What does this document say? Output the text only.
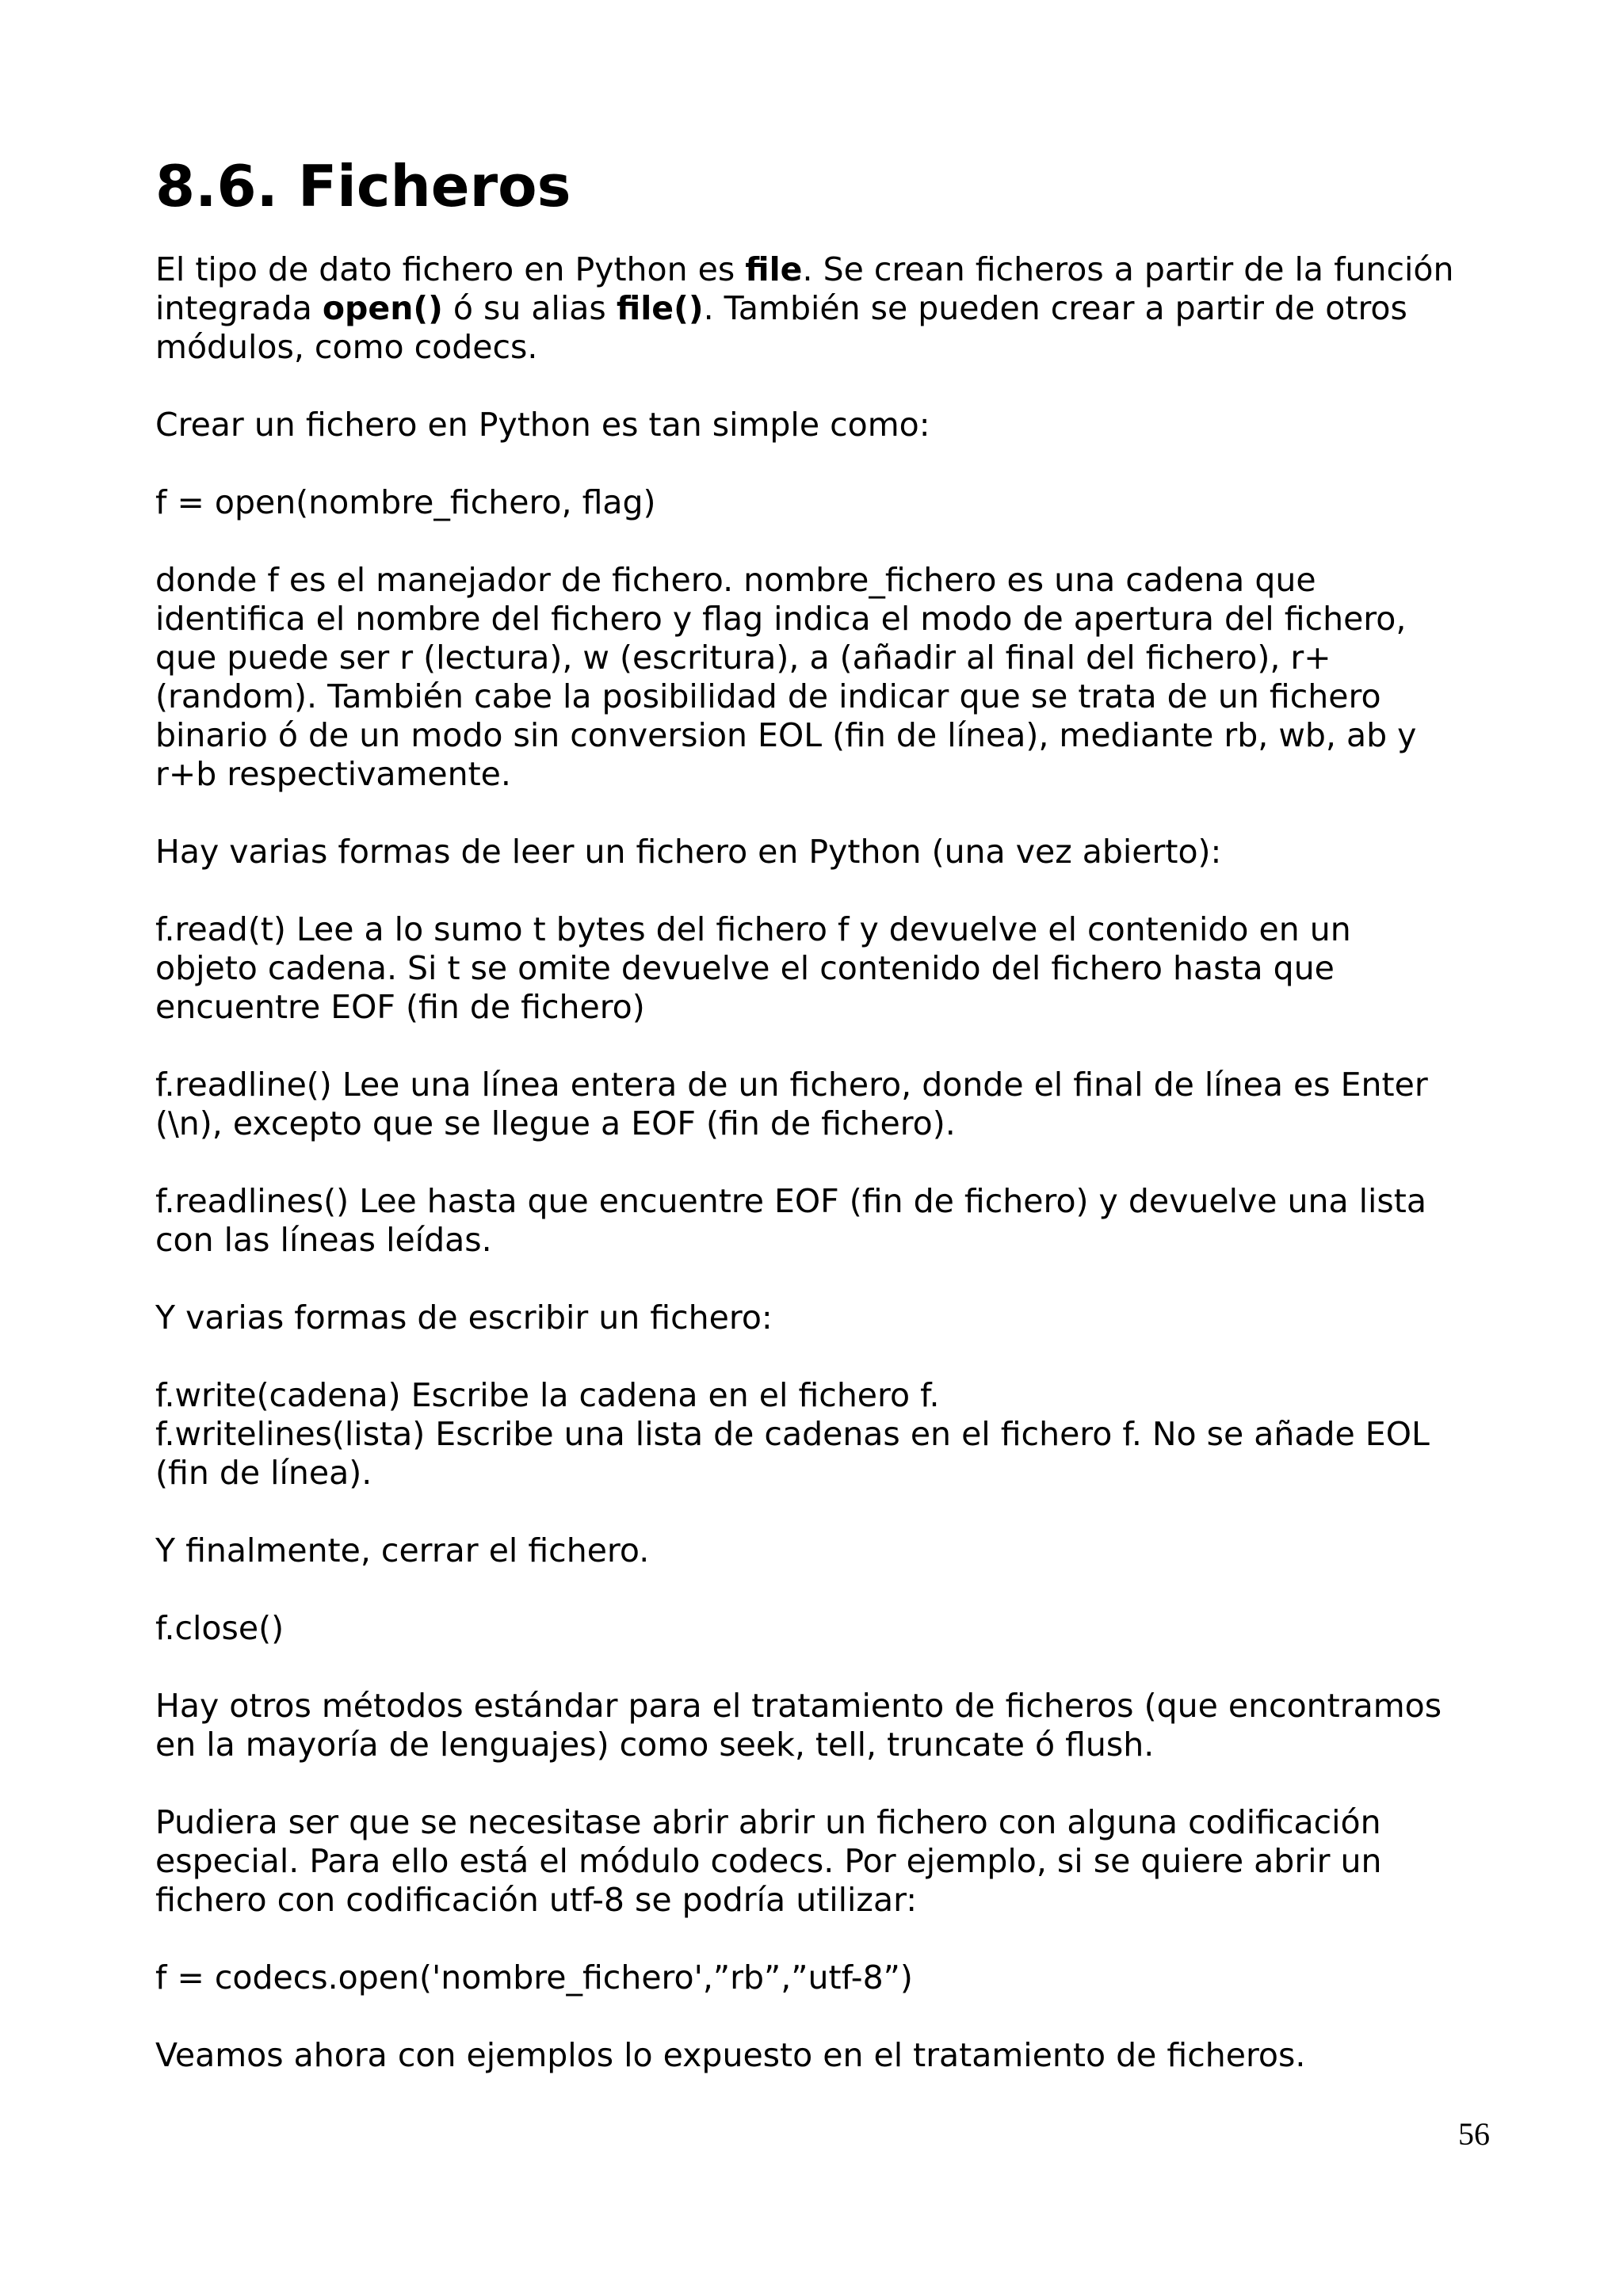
8.6. Ficheros

El tipo de dato fichero en Python es file. Se crean ficheros a partir de la función
integrada open() ó su alias file(). También se pueden crear a partir de otros
módulos, como codecs.

Crear un fichero en Python es tan simple como:

f = open(nombre_fichero, flag)

donde f es el manejador de fichero. nombre_fichero es una cadena que
identifica el nombre del fichero y flag indica el modo de apertura del fichero,
que puede ser r (lectura), w (escritura), a (añadir al final del fichero), r+
(random). También cabe la posibilidad de indicar que se trata de un fichero
binario ó de un modo sin conversion EOL (fin de línea), mediante rb, wb, ab y
r+b respectivamente.

Hay varias formas de leer un fichero en Python (una vez abierto):

f.read(t) Lee a lo sumo t bytes del fichero f y devuelve el contenido en un
objeto cadena. Si t se omite devuelve el contenido del fichero hasta que
encuentre EOF (fin de fichero)

f.readline() Lee una línea entera de un fichero, donde el final de línea es Enter
(\n), excepto que se llegue a EOF (fin de fichero).

f.readlines() Lee hasta que encuentre EOF (fin de fichero) y devuelve una lista
con las líneas leídas.

Y varias formas de escribir un fichero:

f.write(cadena) Escribe la cadena en el fichero f.

f.writelines(lista) Escribe una lista de cadenas en el fichero f. No se añade EOL
(fin de línea).

Y finalmente, cerrar el fichero.

f.close()

Hay otros métodos estándar para el tratamiento de ficheros (que encontramos
en la mayoría de lenguajes) como seek, tell, truncate ó flush.

Pudiera ser que se necesitase abrir abrir un fichero con alguna codificación
especial. Para ello está el módulo codecs. Por ejemplo, si se quiere abrir un
fichero con codificación utf-8 se podría utilizar:

f = codecs.open('nombre_fichero',”rb”,”utf-8”)

Veamos ahora con ejemplos lo expuesto en el tratamiento de ficheros.

56
